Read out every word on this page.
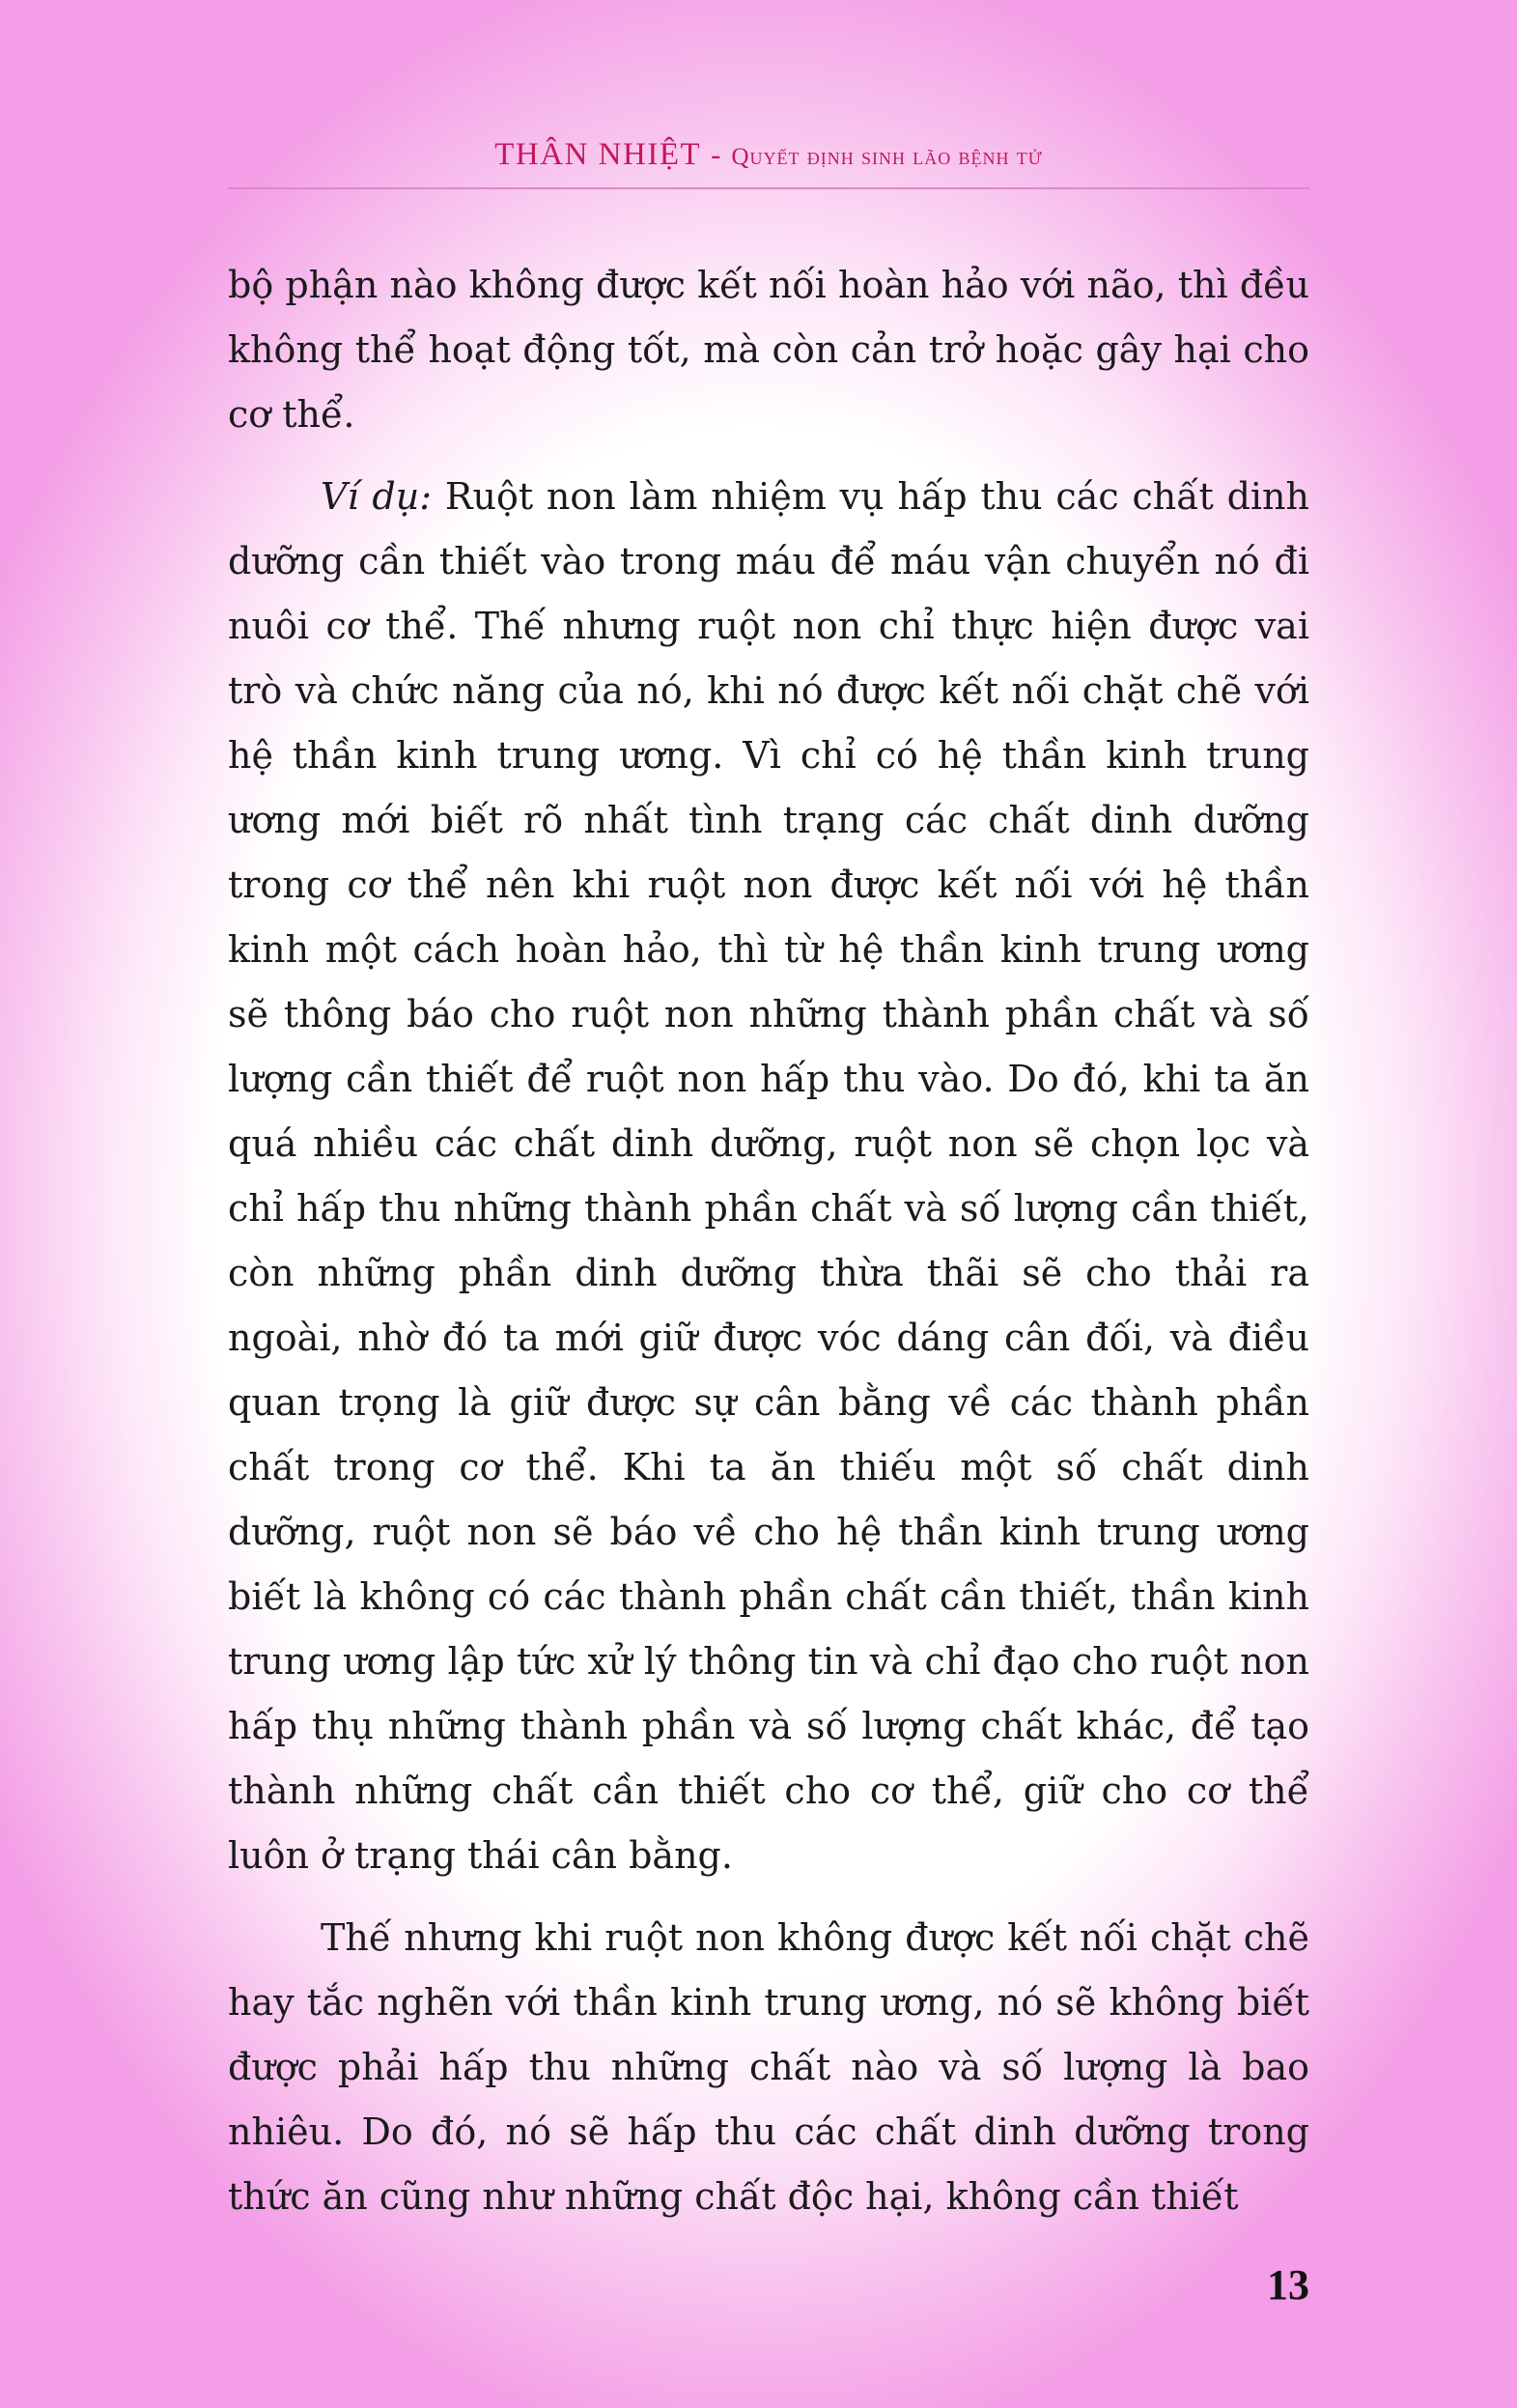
THÂN NHIỆT - Quyết định sinh lão bệnh tử

bộ phận nào không được kết nối hoàn hảo với não, thì đều không thể hoạt động tốt, mà còn cản trở hoặc gây hại cho cơ thể.

Ví dụ: Ruột non làm nhiệm vụ hấp thu các chất dinh dưỡng cần thiết vào trong máu để máu vận chuyển nó đi nuôi cơ thể. Thế nhưng ruột non chỉ thực hiện được vai trò và chức năng của nó, khi nó được kết nối chặt chẽ với hệ thần kinh trung ương. Vì chỉ có hệ thần kinh trung ương mới biết rõ nhất tình trạng các chất dinh dưỡng trong cơ thể nên khi ruột non được kết nối với hệ thần kinh một cách hoàn hảo, thì từ hệ thần kinh trung ương sẽ thông báo cho ruột non những thành phần chất và số lượng cần thiết để ruột non hấp thu vào. Do đó, khi ta ăn quá nhiều các chất dinh dưỡng, ruột non sẽ chọn lọc và chỉ hấp thu những thành phần chất và số lượng cần thiết, còn những phần dinh dưỡng thừa thãi sẽ cho thải ra ngoài, nhờ đó ta mới giữ được vóc dáng cân đối, và điều quan trọng là giữ được sự cân bằng về các thành phần chất trong cơ thể. Khi ta ăn thiếu một số chất dinh dưỡng, ruột non sẽ báo về cho hệ thần kinh trung ương biết là không có các thành phần chất cần thiết, thần kinh trung ương lập tức xử lý thông tin và chỉ đạo cho ruột non hấp thụ những thành phần và số lượng chất khác, để tạo thành những chất cần thiết cho cơ thể, giữ cho cơ thể luôn ở trạng thái cân bằng.

Thế nhưng khi ruột non không được kết nối chặt chẽ hay tắc nghẽn với thần kinh trung ương, nó sẽ không biết được phải hấp thu những chất nào và số lượng là bao nhiêu. Do đó, nó sẽ hấp thu các chất dinh dưỡng trong thức ăn cũng như những chất độc hại, không cần thiết

13
